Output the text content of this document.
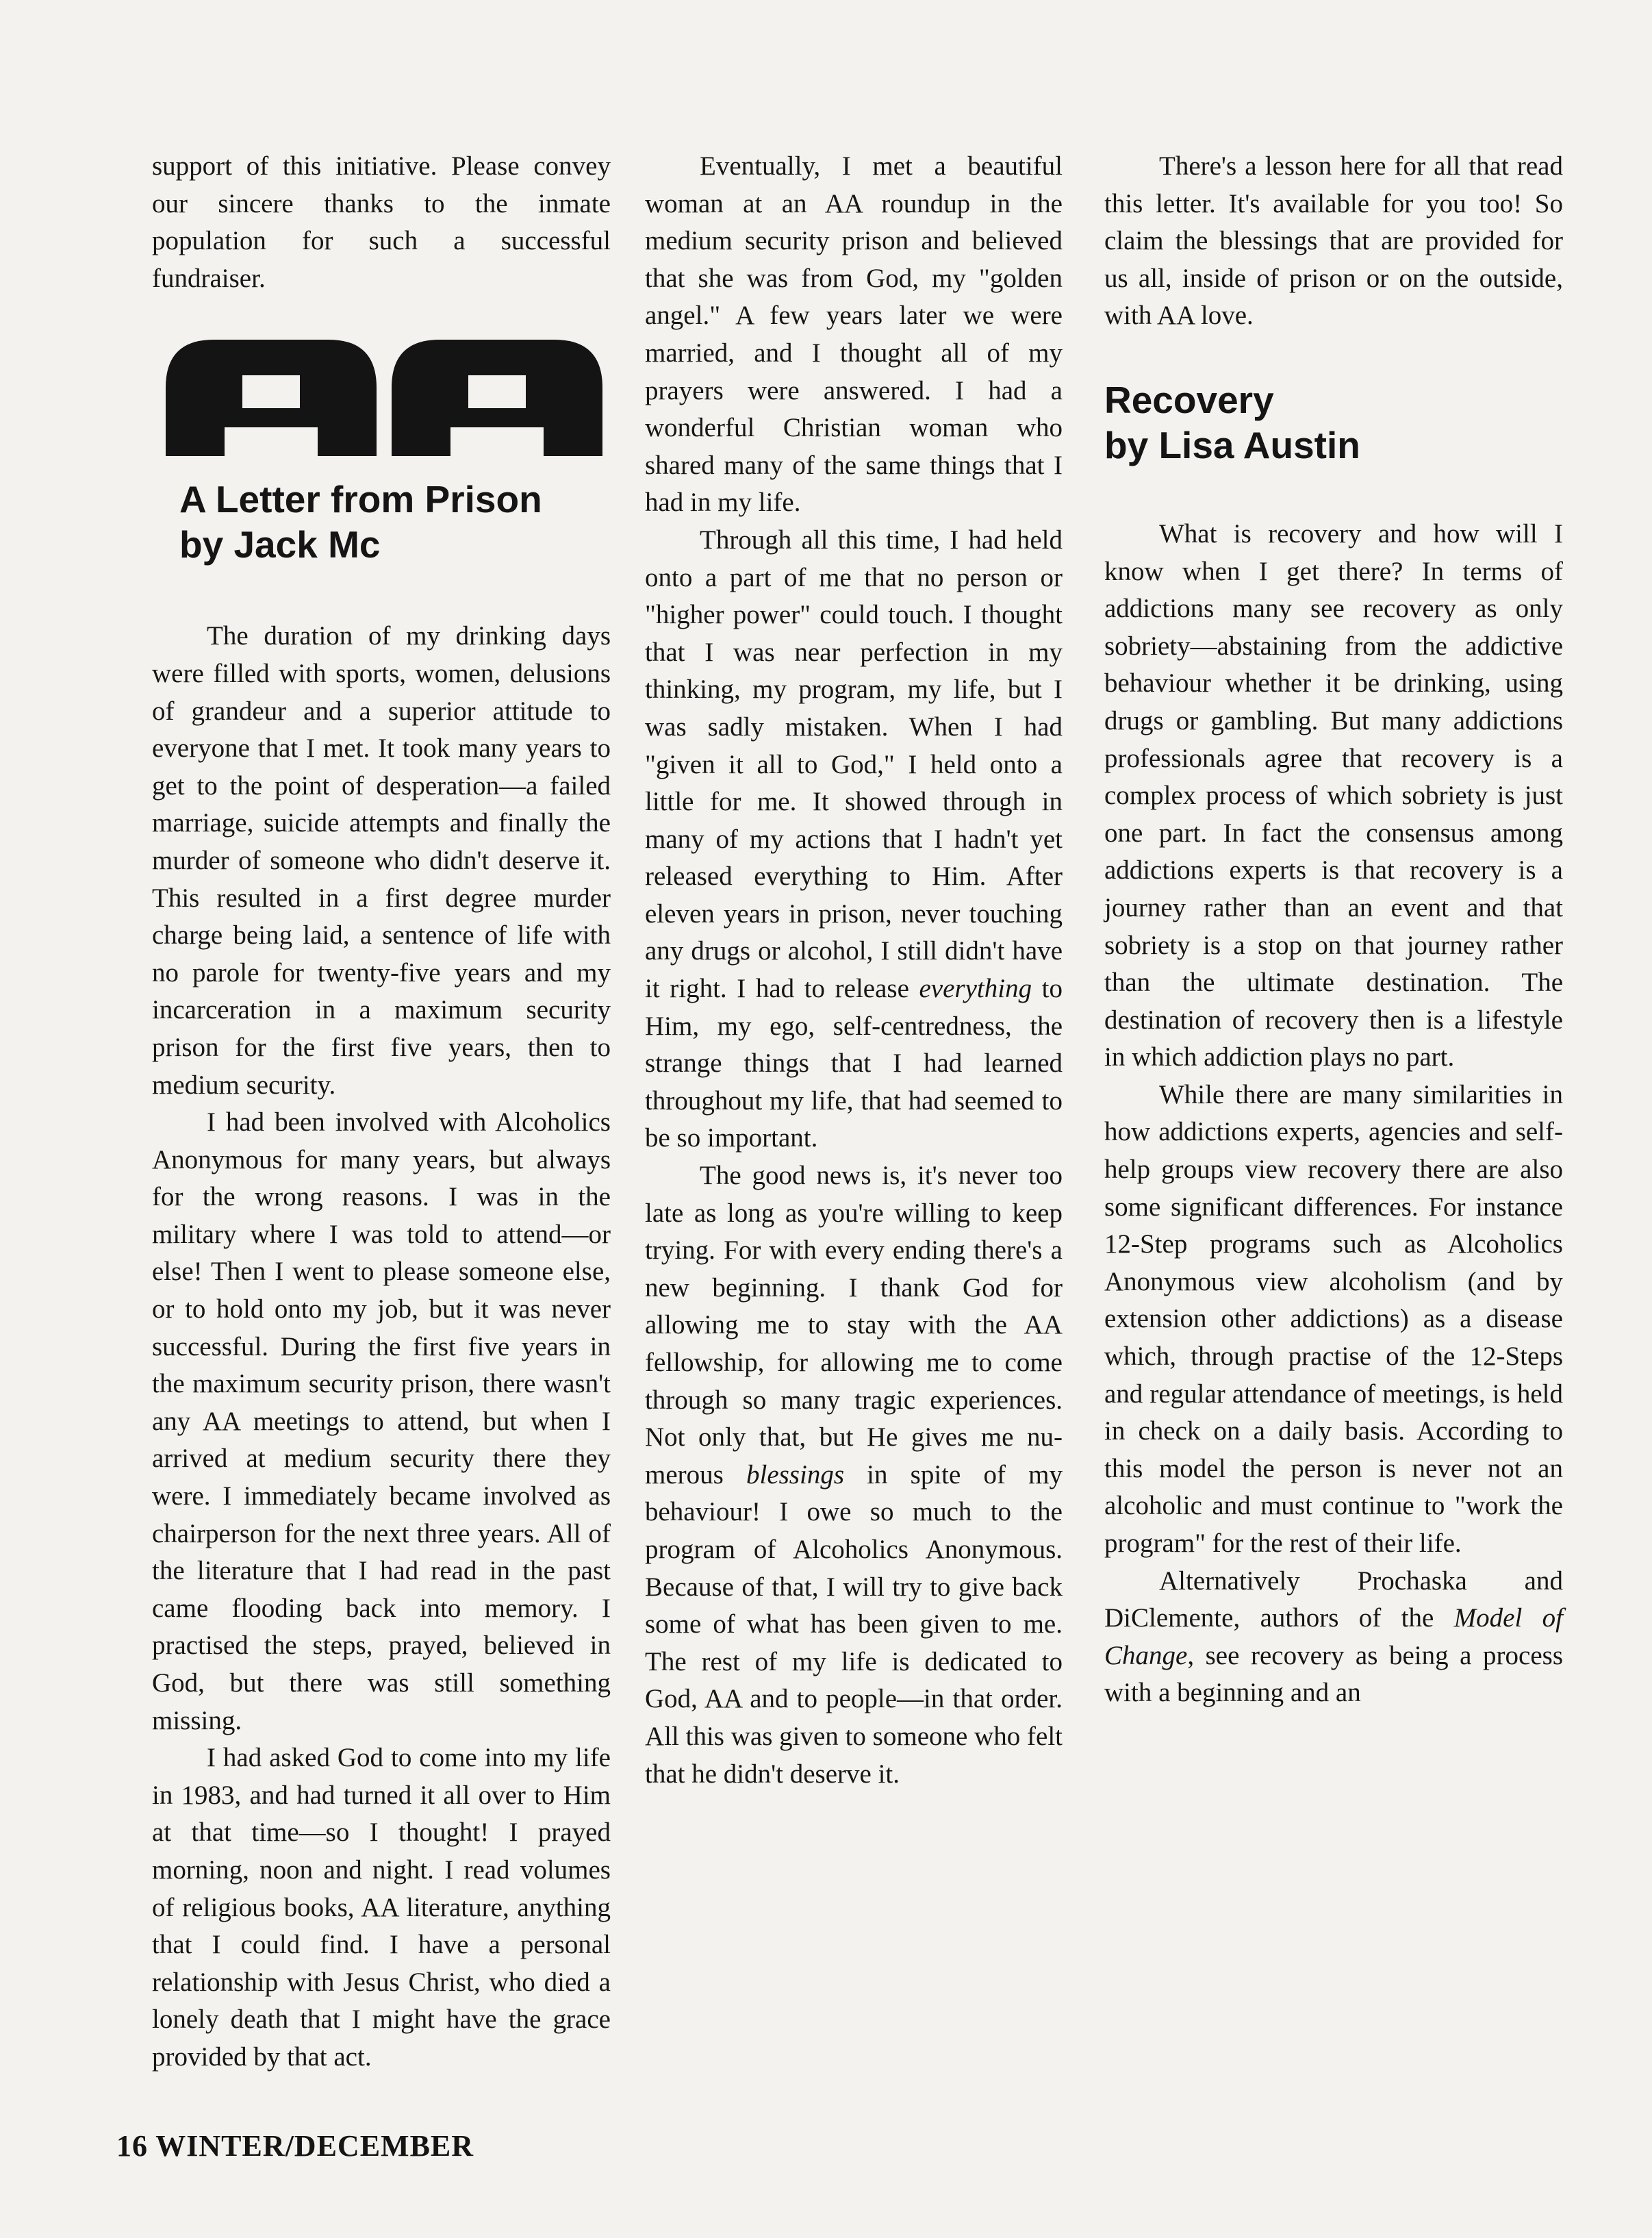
support of this initiative. Please convey our sincere thanks to the inmate population for such a successful fundraiser.

A Letter from Prison
by Jack Mc

The duration of my drinking days were filled with sports, women, delusions of grandeur and a superior attitude to everyone that I met. It took many years to get to the point of desperation—a failed marriage, suicide attempts and finally the murder of someone who didn't deserve it. This resulted in a first degree murder charge being laid, a sentence of life with no parole for twenty-five years and my incarceration in a maximum security prison for the first five years, then to medium security.

I had been involved with Alcoholics Anonymous for many years, but always for the wrong reasons. I was in the military where I was told to attend—or else! Then I went to please someone else, or to hold onto my job, but it was never successful. During the first five years in the maximum security prison, there wasn't any AA meetings to attend, but when I arrived at medium security there they were. I immediately became involved as chairperson for the next three years. All of the literature that I had read in the past came flooding back into memory. I practised the steps, prayed, believed in God, but there was still something missing.

I had asked God to come into my life in 1983, and had turned it all over to Him at that time—so I thought! I prayed morning, noon and night. I read volumes of religious books, AA literature, anything that I could find. I have a personal relationship with Jesus Christ, who died a lonely death that I might have the grace provided by that act.

Eventually, I met a beautiful woman at an AA roundup in the medium security prison and believed that she was from God, my "golden angel." A few years later we were married, and I thought all of my prayers were answered. I had a wonderful Christian woman who shared many of the same things that I had in my life.

Through all this time, I had held onto a part of me that no person or "higher power" could touch. I thought that I was near perfection in my thinking, my program, my life, but I was sadly mistaken. When I had "given it all to God," I held onto a little for me. It showed through in many of my actions that I hadn't yet released everything to Him. After eleven years in prison, never touching any drugs or alcohol, I still didn't have it right. I had to release everything to Him, my ego, self-centredness, the strange things that I had learned throughout my life, that had seemed to be so important.

The good news is, it's never too late as long as you're willing to keep trying. For with every ending there's a new beginning. I thank God for allowing me to stay with the AA fellowship, for allowing me to come through so many tragic experiences. Not only that, but He gives me numerous blessings in spite of my behaviour! I owe so much to the program of Alcoholics Anonymous. Because of that, I will try to give back some of what has been given to me. The rest of my life is dedicated to God, AA and to people—in that order. All this was given to someone who felt that he didn't deserve it.

There's a lesson here for all that read this letter. It's available for you too! So claim the blessings that are provided for us all, inside of prison or on the outside, with AA love.

Recovery
by Lisa Austin

What is recovery and how will I know when I get there? In terms of addictions many see recovery as only sobriety—abstaining from the addictive behaviour whether it be drinking, using drugs or gambling. But many addictions professionals agree that recovery is a complex process of which sobriety is just one part. In fact the consensus among addictions experts is that recovery is a journey rather than an event and that sobriety is a stop on that journey rather than the ultimate destination. The destination of recovery then is a lifestyle in which addiction plays no part.

While there are many similarities in how addictions experts, agencies and self-help groups view recovery there are also some significant differences. For instance 12-Step programs such as Alcoholics Anonymous view alcoholism (and by extension other addictions) as a disease which, through practise of the 12-Steps and regular attendance of meetings, is held in check on a daily basis. According to this model the person is never not an alcoholic and must continue to "work the program" for the rest of their life.

Alternatively Prochaska and DiClemente, authors of the Model of Change, see recovery as being a process with a beginning and an

16 WINTER/DECEMBER
